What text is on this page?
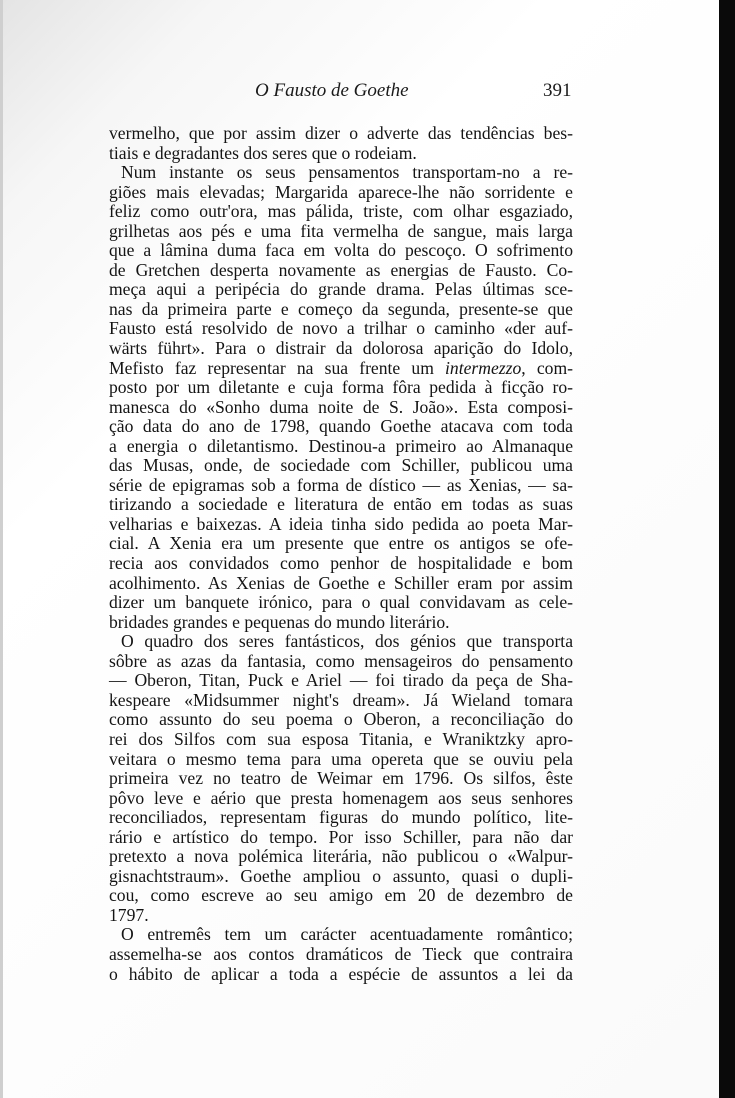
O Fausto de Goethe	391
vermelho, que por assim dizer o adverte das tendências bes-
tiais e degradantes dos seres que o rodeiam.
Num instante os seus pensamentos transportam-no a re-
giões mais elevadas; Margarida aparece-lhe não sorridente e
feliz como outr'ora, mas pálida, triste, com olhar esgaziado,
grilhetas aos pés e uma fita vermelha de sangue, mais larga
que a lâmina duma faca em volta do pescoço. O sofrimento
de Gretchen desperta novamente as energias de Fausto. Co-
meça aqui a peripécia do grande drama. Pelas últimas sce-
nas da primeira parte e começo da segunda, presente-se que
Fausto está resolvido de novo a trilhar o caminho «der auf-
wärts führt». Para o distrair da dolorosa aparição do Idolo,
Mefisto faz representar na sua frente um intermezzo, com-
posto por um diletante e cuja forma fôra pedida à ficção ro-
manesca do «Sonho duma noite de S. João». Esta composi-
ção data do ano de 1798, quando Goethe atacava com toda
a energia o diletantismo. Destinou-a primeiro ao Almanaque
das Musas, onde, de sociedade com Schiller, publicou uma
série de epigramas sob a forma de dístico — as Xenias, — sa-
tirizando a sociedade e literatura de então em todas as suas
velharias e baixezas. A ideia tinha sido pedida ao poeta Mar-
cial. A Xenia era um presente que entre os antigos se ofe-
recia aos convidados como penhor de hospitalidade e bom
acolhimento. As Xenias de Goethe e Schiller eram por assim
dizer um banquete irónico, para o qual convidavam as cele-
bridades grandes e pequenas do mundo literário.
O quadro dos seres fantásticos, dos génios que transporta
sôbre as azas da fantasia, como mensageiros do pensamento
— Oberon, Titan, Puck e Ariel — foi tirado da peça de Sha-
kespeare «Midsummer night's dream». Já Wieland tomara
como assunto do seu poema o Oberon, a reconciliação do
rei dos Silfos com sua esposa Titania, e Wraniktzky apro-
veitara o mesmo tema para uma opereta que se ouviu pela
primeira vez no teatro de Weimar em 1796. Os silfos, êste
pôvo leve e aério que presta homenagem aos seus senhores
reconciliados, representam figuras do mundo político, lite-
rário e artístico do tempo. Por isso Schiller, para não dar
pretexto a nova polémica literária, não publicou o «Walpur-
gisnachtstraum». Goethe ampliou o assunto, quasi o dupli-
cou, como escreve ao seu amigo em 20 de dezembro de
1797.
O entremês tem um carácter acentuadamente romântico;
assemelha-se aos contos dramáticos de Tieck que contraira
o hábito de aplicar a toda a espécie de assuntos a lei da
